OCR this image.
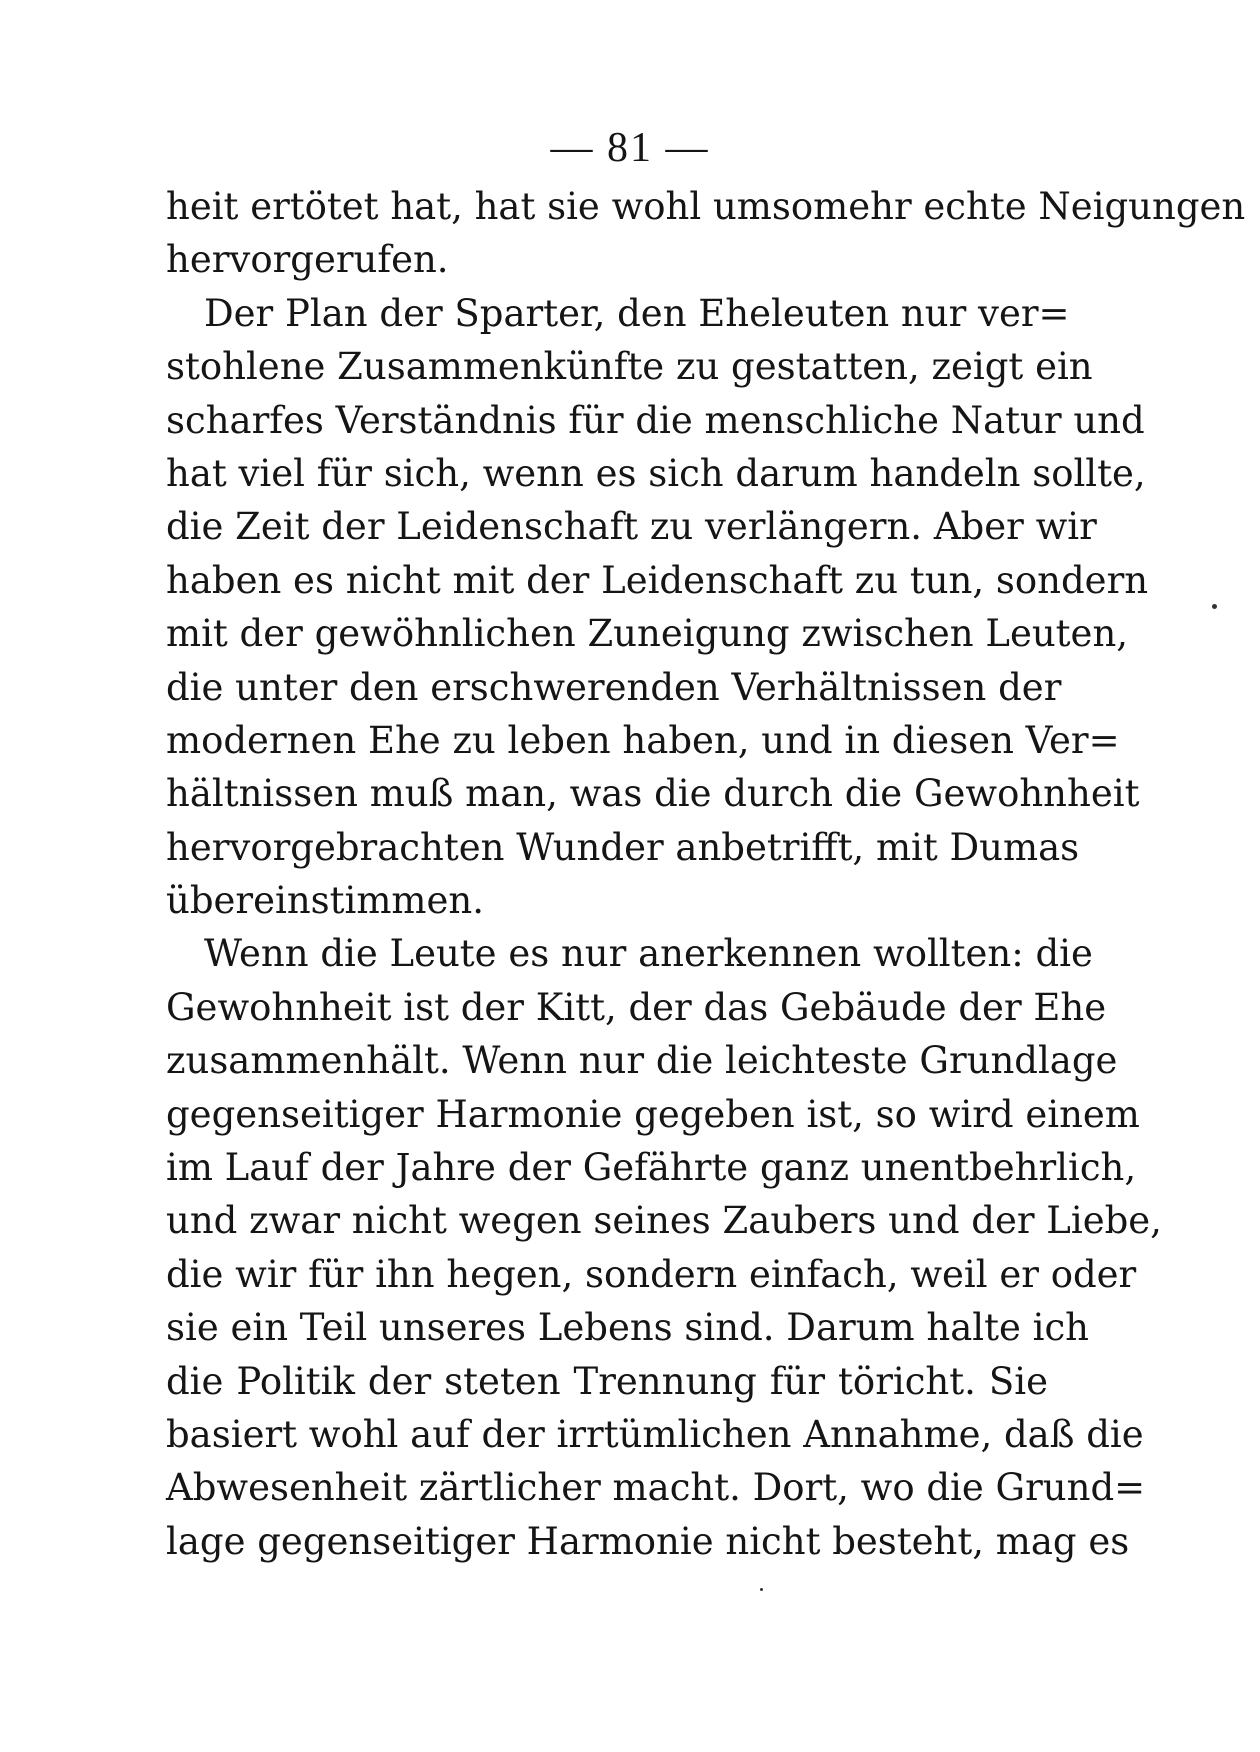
— 81 —
heit ertötet hat, hat sie wohl umsomehr echte Neigungen
hervorgerufen.
Der Plan der Sparter, den Eheleuten nur ver=
stohlene Zusammenkünfte zu gestatten, zeigt ein
scharfes Verständnis für die menschliche Natur und
hat viel für sich, wenn es sich darum handeln sollte,
die Zeit der Leidenschaft zu verlängern. Aber wir
haben es nicht mit der Leidenschaft zu tun, sondern
mit der gewöhnlichen Zuneigung zwischen Leuten,
die unter den erschwerenden Verhältnissen der
modernen Ehe zu leben haben, und in diesen Ver=
hältnissen muß man, was die durch die Gewohnheit
hervorgebrachten Wunder anbetrifft, mit Dumas
übereinstimmen.
Wenn die Leute es nur anerkennen wollten: die
Gewohnheit ist der Kitt, der das Gebäude der Ehe
zusammenhält. Wenn nur die leichteste Grundlage
gegenseitiger Harmonie gegeben ist, so wird einem
im Lauf der Jahre der Gefährte ganz unentbehrlich,
und zwar nicht wegen seines Zaubers und der Liebe,
die wir für ihn hegen, sondern einfach, weil er oder
sie ein Teil unseres Lebens sind. Darum halte ich
die Politik der steten Trennung für töricht. Sie
basiert wohl auf der irrtümlichen Annahme, daß die
Abwesenheit zärtlicher macht. Dort, wo die Grund=
lage gegenseitiger Harmonie nicht besteht, mag es
